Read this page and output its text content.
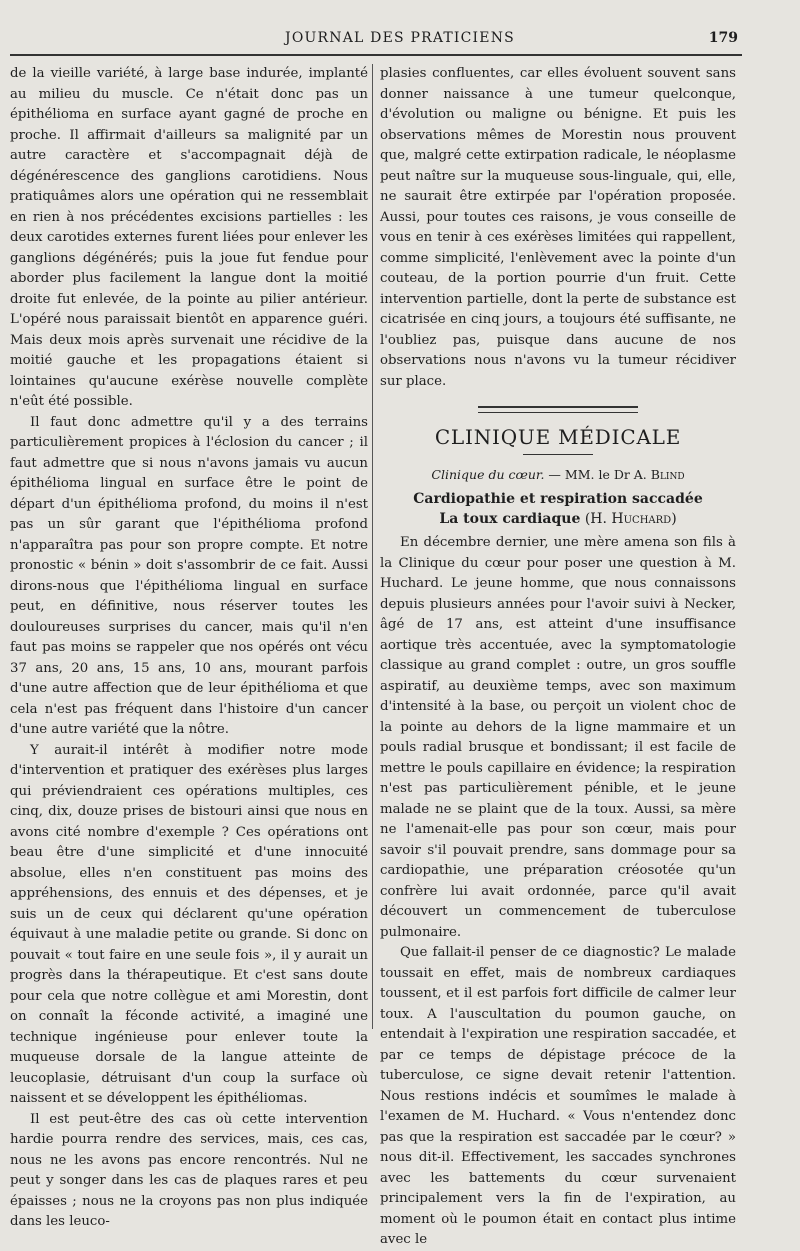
JOURNAL DES PRATICIENS	179

de la vieille variété, à large base indurée, implanté au milieu du muscle. Ce n'était donc pas un épithélioma en surface ayant gagné de proche en proche. Il affirmait d'ailleurs sa malignité par un autre caractère et s'accompagnait déjà de dégénérescence des ganglions carotidiens. Nous pratiquâmes alors une opération qui ne ressemblait en rien à nos précédentes excisions partielles : les deux carotides externes furent liées pour enlever les ganglions dégénérés; puis la joue fut fendue pour aborder plus facilement la langue dont la moitié droite fut enlevée, de la pointe au pilier antérieur. L'opéré nous paraissait bientôt en apparence guéri. Mais deux mois après survenait une récidive de la moitié gauche et les propagations étaient si lointaines qu'aucune exérèse nouvelle complète n'eût été possible.

Il faut donc admettre qu'il y a des terrains particulièrement propices à l'éclosion du cancer ; il faut admettre que si nous n'avons jamais vu aucun épithélioma lingual en surface être le point de départ d'un épithélioma profond, du moins il n'est pas un sûr garant que l'épithélioma profond n'apparaîtra pas pour son propre compte. Et notre pronostic « bénin » doit s'assombrir de ce fait. Aussi dirons-nous que l'épithélioma lingual en surface peut, en définitive, nous réserver toutes les douloureuses surprises du cancer, mais qu'il n'en faut pas moins se rappeler que nos opérés ont vécu 37 ans, 20 ans, 15 ans, 10 ans, mourant parfois d'une autre affection que de leur épithélioma et que cela n'est pas fréquent dans l'histoire d'un cancer d'une autre variété que la nôtre.

Y aurait-il intérêt à modifier notre mode d'intervention et pratiquer des exérèses plus larges qui préviendraient ces opérations multiples, ces cinq, dix, douze prises de bistouri ainsi que nous en avons cité nombre d'exemple ? Ces opérations ont beau être d'une simplicité et d'une innocuité absolue, elles n'en constituent pas moins des appréhensions, des ennuis et des dépenses, et je suis un de ceux qui déclarent qu'une opération équivaut à une maladie petite ou grande. Si donc on pouvait « tout faire en une seule fois », il y aurait un progrès dans la thérapeutique. Et c'est sans doute pour cela que notre collègue et ami Morestin, dont on connaît la féconde activité, a imaginé une technique ingénieuse pour enlever toute la muqueuse dorsale de la langue atteinte de leucoplasie, détruisant d'un coup la surface où naissent et se développent les épithéliomas.

Il est peut-être des cas où cette intervention hardie pourra rendre des services, mais, ces cas, nous ne les avons pas encore rencontrés. Nul ne peut y songer dans les cas de plaques rares et peu épaisses ; nous ne la croyons pas non plus indiquée dans les leuco-

plasies confluentes, car elles évoluent souvent sans donner naissance à une tumeur quelconque, d'évolution ou maligne ou bénigne. Et puis les observations mêmes de Morestin nous prouvent que, malgré cette extirpation radicale, le néoplasme peut naître sur la muqueuse sous-linguale, qui, elle, ne saurait être extirpée par l'opération proposée. Aussi, pour toutes ces raisons, je vous conseille de vous en tenir à ces exérèses limitées qui rappellent, comme simplicité, l'enlèvement avec la pointe d'un couteau, de la portion pourrie d'un fruit. Cette intervention partielle, dont la perte de substance est cicatrisée en cinq jours, a toujours été suffisante, ne l'oubliez pas, puisque dans aucune de nos observations nous n'avons vu la tumeur récidiver sur place.

CLINIQUE MÉDICALE
Clinique du cœur. — MM. le Dr A. Blind
Cardiopathie et respiration saccadée
La toux cardiaque (H. Huchard)

En décembre dernier, une mère amena son fils à la Clinique du cœur pour poser une question à M. Huchard. Le jeune homme, que nous connaissons depuis plusieurs années pour l'avoir suivi à Necker, âgé de 17 ans, est atteint d'une insuffisance aortique très accentuée, avec la symptomatologie classique au grand complet : outre, un gros souffle aspiratif, au deuxième temps, avec son maximum d'intensité à la base, ou perçoit un violent choc de la pointe au dehors de la ligne mammaire et un pouls radial brusque et bondissant; il est facile de mettre le pouls capillaire en évidence; la respiration n'est pas particulièrement pénible, et le jeune malade ne se plaint que de la toux. Aussi, sa mère ne l'amenait-elle pas pour son cœur, mais pour savoir s'il pouvait prendre, sans dommage pour sa cardiopathie, une préparation créosotée qu'un confrère lui avait ordonnée, parce qu'il avait découvert un commencement de tuberculose pulmonaire.

Que fallait-il penser de ce diagnostic? Le malade toussait en effet, mais de nombreux cardiaques toussent, et il est parfois fort difficile de calmer leur toux. A l'auscultation du poumon gauche, on entendait à l'expiration une respiration saccadée, et par ce temps de dépistage précoce de la tuberculose, ce signe devait retenir l'attention. Nous restions indécis et soumîmes le malade à l'examen de M. Huchard. « Vous n'entendez donc pas que la respiration est saccadée par le cœur? » nous dit-il. Effectivement, les saccades synchrones avec les battements du cœur survenaient principalement vers la fin de l'expiration, au moment où le poumon était en contact plus intime avec le
